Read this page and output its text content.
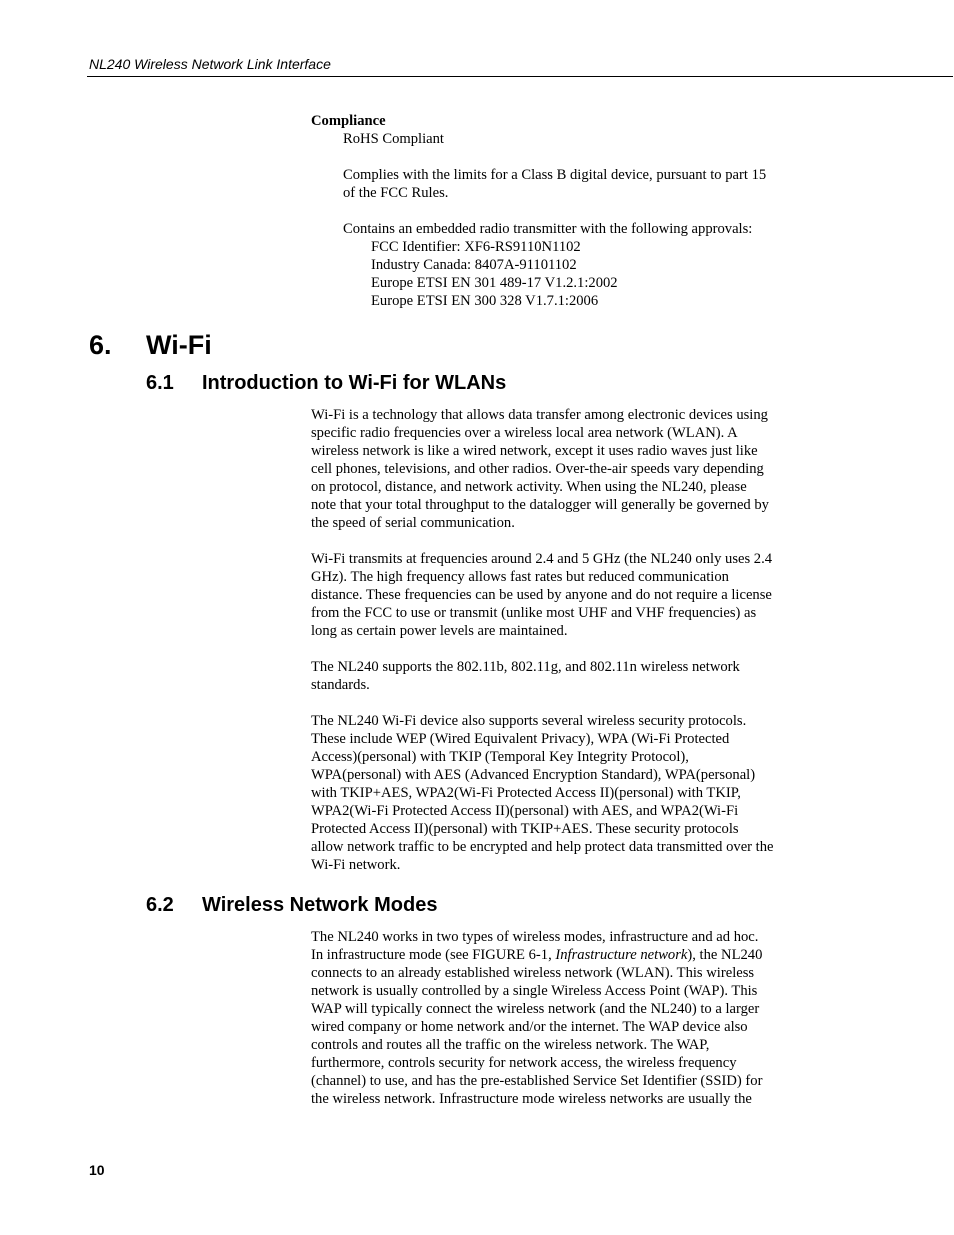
NL240 Wireless Network Link Interface
Compliance
RoHS Compliant
Complies with the limits for a Class B digital device, pursuant to part 15
of the FCC Rules.
Contains an embedded radio transmitter with the following approvals:
FCC Identifier: XF6-RS9110N1102
Industry Canada: 8407A-91101102
Europe ETSI EN 301 489-17 V1.2.1:2002
Europe ETSI EN 300 328 V1.7.1:2006
6. Wi-Fi
6.1 Introduction to Wi-Fi for WLANs
Wi-Fi is a technology that allows data transfer among electronic devices using
specific radio frequencies over a wireless local area network (WLAN). A
wireless network is like a wired network, except it uses radio waves just like
cell phones, televisions, and other radios. Over-the-air speeds vary depending
on protocol, distance, and network activity. When using the NL240, please
note that your total throughput to the datalogger will generally be governed by
the speed of serial communication.
Wi-Fi transmits at frequencies around 2.4 and 5 GHz (the NL240 only uses 2.4
GHz). The high frequency allows fast rates but reduced communication
distance. These frequencies can be used by anyone and do not require a license
from the FCC to use or transmit (unlike most UHF and VHF frequencies) as
long as certain power levels are maintained.
The NL240 supports the 802.11b, 802.11g, and 802.11n wireless network
standards.
The NL240 Wi-Fi device also supports several wireless security protocols.
These include WEP (Wired Equivalent Privacy), WPA (Wi-Fi Protected
Access)(personal) with TKIP (Temporal Key Integrity Protocol),
WPA(personal) with AES (Advanced Encryption Standard), WPA(personal)
with TKIP+AES, WPA2(Wi-Fi Protected Access II)(personal) with TKIP,
WPA2(Wi-Fi Protected Access II)(personal) with AES, and WPA2(Wi-Fi
Protected Access II)(personal) with TKIP+AES. These security protocols
allow network traffic to be encrypted and help protect data transmitted over the
Wi-Fi network.
6.2 Wireless Network Modes
The NL240 works in two types of wireless modes, infrastructure and ad hoc.
In infrastructure mode (see FIGURE 6-1, Infrastructure network), the NL240
connects to an already established wireless network (WLAN). This wireless
network is usually controlled by a single Wireless Access Point (WAP). This
WAP will typically connect the wireless network (and the NL240) to a larger
wired company or home network and/or the internet. The WAP device also
controls and routes all the traffic on the wireless network. The WAP,
furthermore, controls security for network access, the wireless frequency
(channel) to use, and has the pre-established Service Set Identifier (SSID) for
the wireless network. Infrastructure mode wireless networks are usually the
10
